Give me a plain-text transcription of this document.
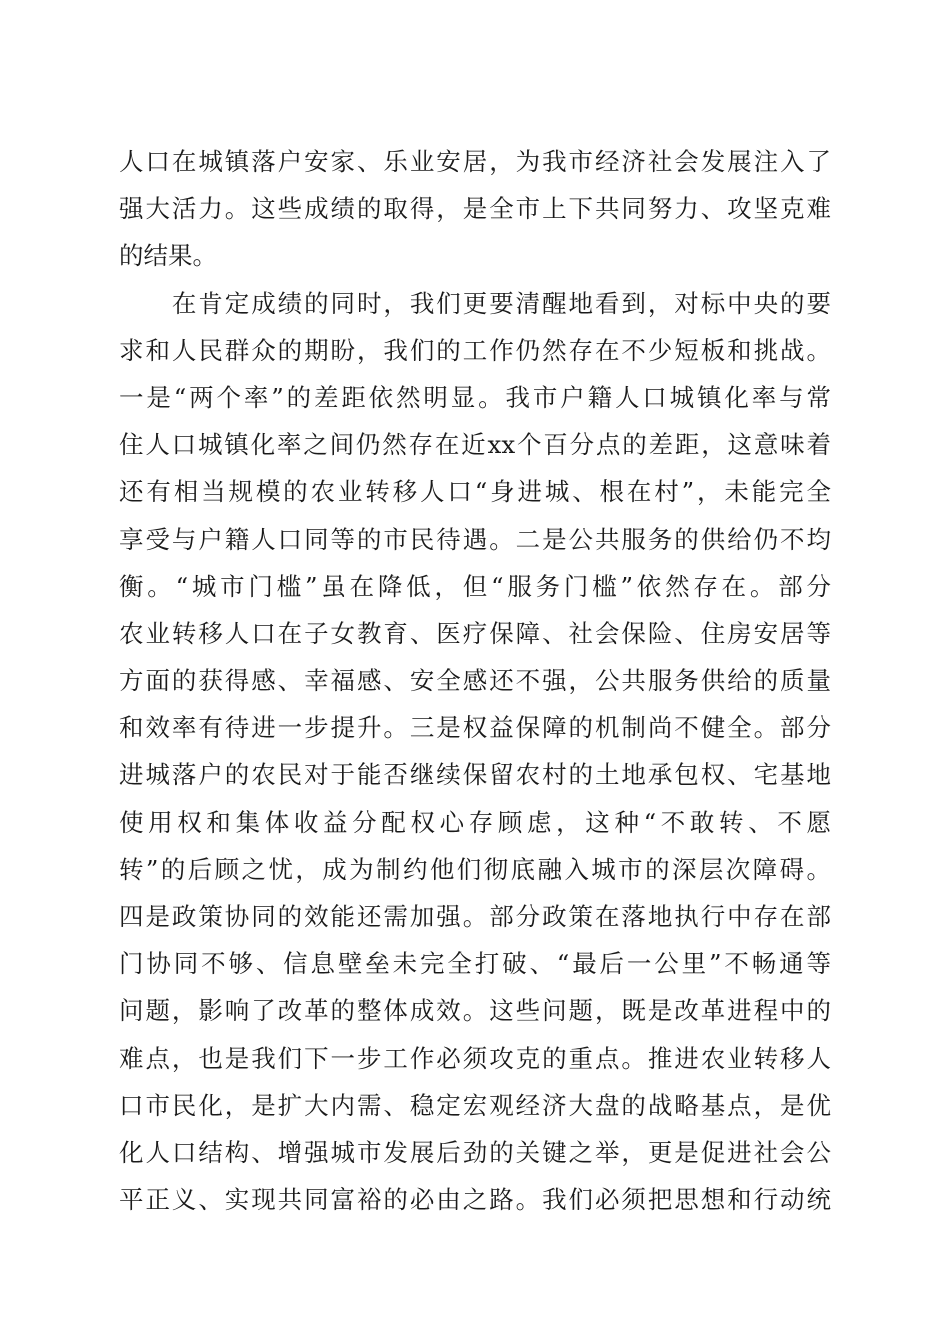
人口在城镇落户安家、乐业安居，为我市经济社会发展注入了
强大活力。这些成绩的取得，是全市上下共同努力、攻坚克难
的结果。
　　在肯定成绩的同时，我们更要清醒地看到，对标中央的要
求和人民群众的期盼，我们的工作仍然存在不少短板和挑战。
一是“两个率”的差距依然明显。我市户籍人口城镇化率与常
住人口城镇化率之间仍然存在近xx个百分点的差距，这意味着
还有相当规模的农业转移人口“身进城、根在村”，未能完全
享受与户籍人口同等的市民待遇。二是公共服务的供给仍不均
衡。“城市门槛”虽在降低，但“服务门槛”依然存在。部分
农业转移人口在子女教育、医疗保障、社会保险、住房安居等
方面的获得感、幸福感、安全感还不强，公共服务供给的质量
和效率有待进一步提升。三是权益保障的机制尚不健全。部分
进城落户的农民对于能否继续保留农村的土地承包权、宅基地
使用权和集体收益分配权心存顾虑，这种“不敢转、不愿
转”的后顾之忧，成为制约他们彻底融入城市的深层次障碍。
四是政策协同的效能还需加强。部分政策在落地执行中存在部
门协同不够、信息壁垒未完全打破、“最后一公里”不畅通等
问题，影响了改革的整体成效。这些问题，既是改革进程中的
难点，也是我们下一步工作必须攻克的重点。推进农业转移人
口市民化，是扩大内需、稳定宏观经济大盘的战略基点，是优
化人口结构、增强城市发展后劲的关键之举，更是促进社会公
平正义、实现共同富裕的必由之路。我们必须把思想和行动统
